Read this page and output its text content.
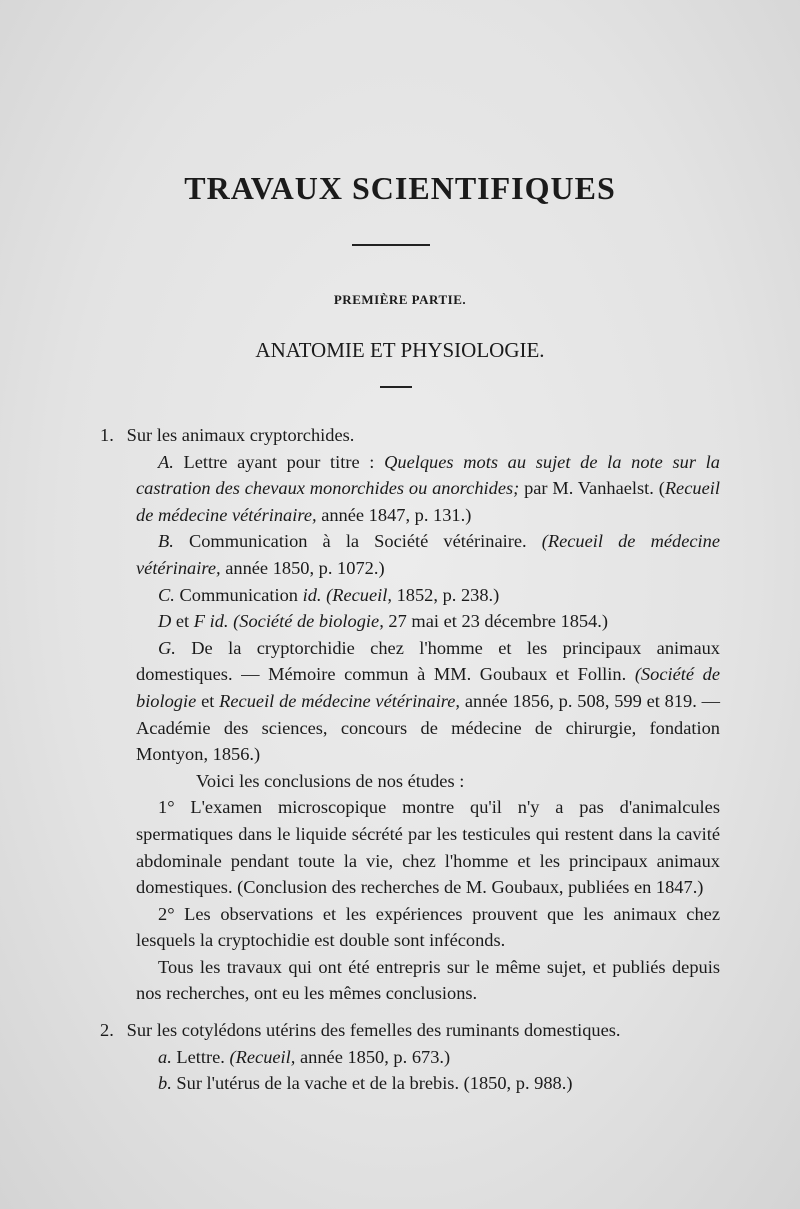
TRAVAUX SCIENTIFIQUES
PREMIÈRE PARTIE.
ANATOMIE ET PHYSIOLOGIE.

1. Sur les animaux cryptorchides.

A. Lettre ayant pour titre : Quelques mots au sujet de la note sur la castration des chevaux monorchides ou anorchides; par M. Vanhaelst. (Recueil de médecine vétérinaire, année 1847, p. 131.)

B. Communication à la Société vétérinaire. (Recueil de médecine vétérinaire, année 1850, p. 1072.)

C. Communication id. (Recueil, 1852, p. 238.)

D et F id. (Société de biologie, 27 mai et 23 décembre 1854.)

G. De la cryptorchidie chez l'homme et les principaux animaux domestiques. — Mémoire commun à MM. Goubaux et Follin. (Société de biologie et Recueil de médecine vétérinaire, année 1856, p. 508, 599 et 819. — Académie des sciences, concours de médecine de chirurgie, fondation Montyon, 1856.)

Voici les conclusions de nos études :

1° L'examen microscopique montre qu'il n'y a pas d'animalcules spermatiques dans le liquide sécrété par les testicules qui restent dans la cavité abdominale pendant toute la vie, chez l'homme et les principaux animaux domestiques. (Conclusion des recherches de M. Goubaux, publiées en 1847.)

2° Les observations et les expériences prouvent que les animaux chez lesquels la cryptochidie est double sont inféconds.

Tous les travaux qui ont été entrepris sur le même sujet, et publiés depuis nos recherches, ont eu les mêmes conclusions.

2. Sur les cotylédons utérins des femelles des ruminants domestiques.

a. Lettre. (Recueil, année 1850, p. 673.)

b. Sur l'utérus de la vache et de la brebis. (1850, p. 988.)
